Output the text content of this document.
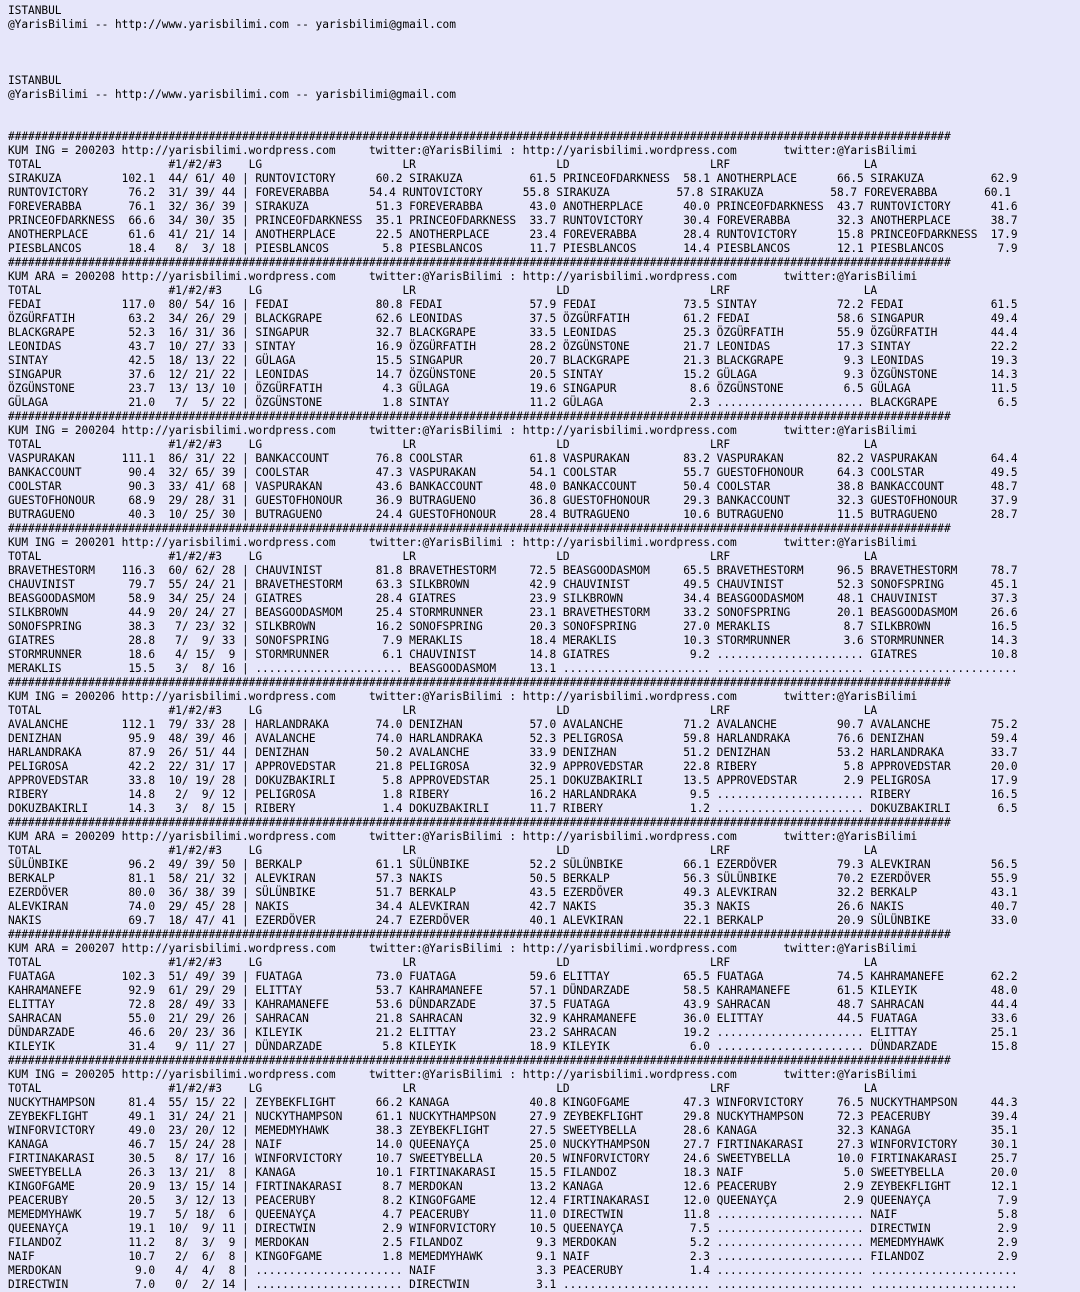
ISTANBUL
@YarisBilimi -- http://www.yarisbilimi.com -- yarisbilimi@gmail.com

ISTANBUL
@YarisBilimi -- http://www.yarisbilimi.com -- yarisbilimi@gmail.com

#############################################################################################################################################
KUM ING = 200203 http://yarisbilimi.wordpress.com     twitter:@YarisBilimi : http://yarisbilimi.wordpress.com       twitter:@YarisBilimi
TOTAL                   #1/#2/#3    LG                     LR                     LD                     LRF                    LA
SIRAKUZA         102.1  44/ 61/ 40 | RUNTOVICTORY      60.2 SIRAKUZA          61.5 PRINCEOFDARKNESS  58.1 ANOTHERPLACE      66.5 SIRAKUZA          62.9
RUNTOVICTORY      76.2  31/ 39/ 44 | FOREVERABBA      54.4 RUNTOVICTORY      55.8 SIRAKUZA          57.8 SIRAKUZA          58.7 FOREVERABBA       60.1
FOREVERABBA       76.1  32/ 36/ 39 | SIRAKUZA          51.3 FOREVERABBA       43.0 ANOTHERPLACE      40.0 PRINCEOFDARKNESS  43.7 RUNTOVICTORY      41.6
PRINCEOFDARKNESS  66.6  34/ 30/ 35 | PRINCEOFDARKNESS  35.1 PRINCEOFDARKNESS  33.7 RUNTOVICTORY      30.4 FOREVERABBA       32.3 ANOTHERPLACE      38.7
ANOTHERPLACE      61.6  41/ 21/ 14 | ANOTHERPLACE      22.5 ANOTHERPLACE      23.4 FOREVERABBA       28.4 RUNTOVICTORY      15.8 PRINCEOFDARKNESS  17.9
PIESBLANCOS       18.4   8/  3/ 18 | PIESBLANCOS        5.8 PIESBLANCOS       11.7 PIESBLANCOS       14.4 PIESBLANCOS       12.1 PIESBLANCOS        7.9
#############################################################################################################################################
KUM ARA = 200208 http://yarisbilimi.wordpress.com     twitter:@YarisBilimi : http://yarisbilimi.wordpress.com       twitter:@YarisBilimi
TOTAL                   #1/#2/#3    LG                     LR                     LD                     LRF                    LA
FEDAI            117.0  80/ 54/ 16 | FEDAI             80.8 FEDAI             57.9 FEDAI             73.5 SINTAY            72.2 FEDAI             61.5
ÖZGÜRFATIH        63.2  34/ 26/ 29 | BLACKGRAPE        62.6 LEONIDAS          37.5 ÖZGÜRFATIH        61.2 FEDAI             58.6 SINGAPUR          49.4
BLACKGRAPE        52.3  16/ 31/ 36 | SINGAPUR          32.7 BLACKGRAPE        33.5 LEONIDAS          25.3 ÖZGÜRFATIH        55.9 ÖZGÜRFATIH        44.4
LEONIDAS          43.7  10/ 27/ 33 | SINTAY            16.9 ÖZGÜRFATIH        28.2 ÖZGÜNSTONE        21.7 LEONIDAS          17.3 SINTAY            22.2
SINTAY            42.5  18/ 13/ 22 | GÜLAGA            15.5 SINGAPUR          20.7 BLACKGRAPE        21.3 BLACKGRAPE         9.3 LEONIDAS          19.3
SINGAPUR          37.6  12/ 21/ 22 | LEONIDAS          14.7 ÖZGÜNSTONE        20.5 SINTAY            15.2 GÜLAGA             9.3 ÖZGÜNSTONE        14.3
ÖZGÜNSTONE        23.7  13/ 13/ 10 | ÖZGÜRFATIH         4.3 GÜLAGA            19.6 SINGAPUR           8.6 ÖZGÜNSTONE         6.5 GÜLAGA            11.5
GÜLAGA            21.0   7/  5/ 22 | ÖZGÜNSTONE         1.8 SINTAY            11.2 GÜLAGA             2.3 ...................... BLACKGRAPE         6.5
#############################################################################################################################################
KUM ING = 200204 http://yarisbilimi.wordpress.com     twitter:@YarisBilimi : http://yarisbilimi.wordpress.com       twitter:@YarisBilimi
TOTAL                   #1/#2/#3    LG                     LR                     LD                     LRF                    LA
VASPURAKAN       111.1  86/ 31/ 22 | BANKACCOUNT       76.8 COOLSTAR          61.8 VASPURAKAN        83.2 VASPURAKAN        82.2 VASPURAKAN        64.4
BANKACCOUNT       90.4  32/ 65/ 39 | COOLSTAR          47.3 VASPURAKAN        54.1 COOLSTAR          55.7 GUESTOFHONOUR     64.3 COOLSTAR          49.5
COOLSTAR          90.3  33/ 41/ 68 | VASPURAKAN        43.6 BANKACCOUNT       48.0 BANKACCOUNT       50.4 COOLSTAR          38.8 BANKACCOUNT       48.7
GUESTOFHONOUR     68.9  29/ 28/ 31 | GUESTOFHONOUR     36.9 BUTRAGUENO        36.8 GUESTOFHONOUR     29.3 BANKACCOUNT       32.3 GUESTOFHONOUR     37.9
BUTRAGUENO        40.3  10/ 25/ 30 | BUTRAGUENO        24.4 GUESTOFHONOUR     28.4 BUTRAGUENO        10.6 BUTRAGUENO        11.5 BUTRAGUENO        28.7
#############################################################################################################################################
KUM ING = 200201 http://yarisbilimi.wordpress.com     twitter:@YarisBilimi : http://yarisbilimi.wordpress.com       twitter:@YarisBilimi
TOTAL                   #1/#2/#3    LG                     LR                     LD                     LRF                    LA
BRAVETHESTORM    116.3  60/ 62/ 28 | CHAUVINIST        81.8 BRAVETHESTORM     72.5 BEASGOODASMOM     65.5 BRAVETHESTORM     96.5 BRAVETHESTORM     78.7
CHAUVINIST        79.7  55/ 24/ 21 | BRAVETHESTORM     63.3 SILKBROWN         42.9 CHAUVINIST        49.5 CHAUVINIST        52.3 SONOFSPRING       45.1
BEASGOODASMOM     58.9  34/ 25/ 24 | GIATRES           28.4 GIATRES           23.9 SILKBROWN         34.4 BEASGOODASMOM     48.1 CHAUVINIST        37.3
SILKBROWN         44.9  20/ 24/ 27 | BEASGOODASMOM     25.4 STORMRUNNER       23.1 BRAVETHESTORM     33.2 SONOFSPRING       20.1 BEASGOODASMOM     26.6
SONOFSPRING       38.3   7/ 23/ 32 | SILKBROWN         16.2 SONOFSPRING       20.3 SONOFSPRING       27.0 MERAKLIS           8.7 SILKBROWN         16.5
GIATRES           28.8   7/  9/ 33 | SONOFSPRING        7.9 MERAKLIS          18.4 MERAKLIS          10.3 STORMRUNNER        3.6 STORMRUNNER       14.3
STORMRUNNER       18.6   4/ 15/  9 | STORMRUNNER        6.1 CHAUVINIST        14.8 GIATRES            9.2 ...................... GIATRES           10.8
MERAKLIS          15.5   3/  8/ 16 | ...................... BEASGOODASMOM     13.1 ...................... ...................... ......................
#############################################################################################################################################
KUM ING = 200206 http://yarisbilimi.wordpress.com     twitter:@YarisBilimi : http://yarisbilimi.wordpress.com       twitter:@YarisBilimi
TOTAL                   #1/#2/#3    LG                     LR                     LD                     LRF                    LA
AVALANCHE        112.1  79/ 33/ 28 | HARLANDRAKA       74.0 DENIZHAN          57.0 AVALANCHE         71.2 AVALANCHE         90.7 AVALANCHE         75.2
DENIZHAN          95.9  48/ 39/ 46 | AVALANCHE         74.0 HARLANDRAKA       52.3 PELIGROSA         59.8 HARLANDRAKA       76.6 DENIZHAN          59.4
HARLANDRAKA       87.9  26/ 51/ 44 | DENIZHAN          50.2 AVALANCHE         33.9 DENIZHAN          51.2 DENIZHAN          53.2 HARLANDRAKA       33.7
PELIGROSA         42.2  22/ 31/ 17 | APPROVEDSTAR      21.8 PELIGROSA         32.9 APPROVEDSTAR      22.8 RIBERY             5.8 APPROVEDSTAR      20.0
APPROVEDSTAR      33.8  10/ 19/ 28 | DOKUZBAKIRLI       5.8 APPROVEDSTAR      25.1 DOKUZBAKIRLI      13.5 APPROVEDSTAR       2.9 PELIGROSA         17.9
RIBERY            14.8   2/  9/ 12 | PELIGROSA          1.8 RIBERY            16.2 HARLANDRAKA        9.5 ...................... RIBERY            16.5
DOKUZBAKIRLI      14.3   3/  8/ 15 | RIBERY             1.4 DOKUZBAKIRLI      11.7 RIBERY             1.2 ...................... DOKUZBAKIRLI       6.5
#############################################################################################################################################
KUM ARA = 200209 http://yarisbilimi.wordpress.com     twitter:@YarisBilimi : http://yarisbilimi.wordpress.com       twitter:@YarisBilimi
TOTAL                   #1/#2/#3    LG                     LR                     LD                     LRF                    LA
SÜLÜNBIKE         96.2  49/ 39/ 50 | BERKALP           61.1 SÜLÜNBIKE         52.2 SÜLÜNBIKE         66.1 EZERDÖVER         79.3 ALEVKIRAN         56.5
BERKALP           81.1  58/ 21/ 32 | ALEVKIRAN         57.3 NAKIS             50.5 BERKALP           56.3 SÜLÜNBIKE         70.2 EZERDÖVER         55.9
EZERDÖVER         80.0  36/ 38/ 39 | SÜLÜNBIKE         51.7 BERKALP           43.5 EZERDÖVER         49.3 ALEVKIRAN         32.2 BERKALP           43.1
ALEVKIRAN         74.0  29/ 45/ 28 | NAKIS             34.4 ALEVKIRAN         42.7 NAKIS             35.3 NAKIS             26.6 NAKIS             40.7
NAKIS             69.7  18/ 47/ 41 | EZERDÖVER         24.7 EZERDÖVER         40.1 ALEVKIRAN         22.1 BERKALP           20.9 SÜLÜNBIKE         33.0
#############################################################################################################################################
KUM ARA = 200207 http://yarisbilimi.wordpress.com     twitter:@YarisBilimi : http://yarisbilimi.wordpress.com       twitter:@YarisBilimi
TOTAL                   #1/#2/#3    LG                     LR                     LD                     LRF                    LA
FUATAGA          102.3  51/ 49/ 39 | FUATAGA           73.0 FUATAGA           59.6 ELITTAY           65.5 FUATAGA           74.5 KAHRAMANEFE       62.2
KAHRAMANEFE       92.9  61/ 29/ 29 | ELITTAY           53.7 KAHRAMANEFE       57.1 DÜNDARZADE        58.5 KAHRAMANEFE       61.5 KILEYIK           48.0
ELITTAY           72.8  28/ 49/ 33 | KAHRAMANEFE       53.6 DÜNDARZADE        37.5 FUATAGA           43.9 SAHRACAN          48.7 SAHRACAN          44.4
SAHRACAN          55.0  21/ 29/ 26 | SAHRACAN          21.8 SAHRACAN          32.9 KAHRAMANEFE       36.0 ELITTAY           44.5 FUATAGA           33.6
DÜNDARZADE        46.6  20/ 23/ 36 | KILEYIK           21.2 ELITTAY           23.2 SAHRACAN          19.2 ...................... ELITTAY           25.1
KILEYIK           31.4   9/ 11/ 27 | DÜNDARZADE         5.8 KILEYIK           18.9 KILEYIK            6.0 ...................... DÜNDARZADE        15.8
#############################################################################################################################################
KUM ING = 200205 http://yarisbilimi.wordpress.com     twitter:@YarisBilimi : http://yarisbilimi.wordpress.com       twitter:@YarisBilimi
TOTAL                   #1/#2/#3    LG                     LR                     LD                     LRF                    LA
NUCKYTHAMPSON     81.4  55/ 15/ 22 | ZEYBEKFLIGHT      66.2 KANAGA            40.8 KINGOFGAME        47.3 WINFORVICTORY     76.5 NUCKYTHAMPSON     44.3
ZEYBEKFLIGHT      49.1  31/ 24/ 21 | NUCKYTHAMPSON     61.1 NUCKYTHAMPSON     27.9 ZEYBEKFLIGHT      29.8 NUCKYTHAMPSON     72.3 PEACERUBY         39.4
WINFORVICTORY     49.0  23/ 20/ 12 | MEMEDMYHAWK       38.3 ZEYBEKFLIGHT      27.5 SWEETYBELLA       28.6 KANAGA            32.3 KANAGA            35.1
KANAGA            46.7  15/ 24/ 28 | NAIF              14.0 QUEENAYÇA         25.0 NUCKYTHAMPSON     27.7 FIRTINAKARASI     27.3 WINFORVICTORY     30.1
FIRTINAKARASI     30.5   8/ 17/ 16 | WINFORVICTORY     10.7 SWEETYBELLA       20.5 WINFORVICTORY     24.6 SWEETYBELLA       10.0 FIRTINAKARASI     25.7
SWEETYBELLA       26.3  13/ 21/  8 | KANAGA            10.1 FIRTINAKARASI     15.5 FILANDOZ          18.3 NAIF               5.0 SWEETYBELLA       20.0
KINGOFGAME        20.9  13/ 15/ 14 | FIRTINAKARASI      8.7 MERDOKAN          13.2 KANAGA            12.6 PEACERUBY          2.9 ZEYBEKFLIGHT      12.1
PEACERUBY         20.5   3/ 12/ 13 | PEACERUBY          8.2 KINGOFGAME        12.4 FIRTINAKARASI     12.0 QUEENAYÇA          2.9 QUEENAYÇA          7.9
MEMEDMYHAWK       19.7   5/ 18/  6 | QUEENAYÇA          4.7 PEACERUBY         11.0 DIRECTWIN         11.8 ...................... NAIF               5.8
QUEENAYÇA         19.1  10/  9/ 11 | DIRECTWIN          2.9 WINFORVICTORY     10.5 QUEENAYÇA          7.5 ...................... DIRECTWIN          2.9
FILANDOZ          11.2   8/  3/  9 | MERDOKAN           2.5 FILANDOZ           9.3 MERDOKAN           5.2 ...................... MEMEDMYHAWK        2.9
NAIF              10.7   2/  6/  8 | KINGOFGAME         1.8 MEMEDMYHAWK        9.1 NAIF               2.3 ...................... FILANDOZ           2.9
MERDOKAN           9.0   4/  4/  8 | ...................... NAIF               3.3 PEACERUBY          1.4 ...................... ......................
DIRECTWIN          7.0   0/  2/ 14 | ...................... DIRECTWIN          3.1 ...................... ...................... ......................
